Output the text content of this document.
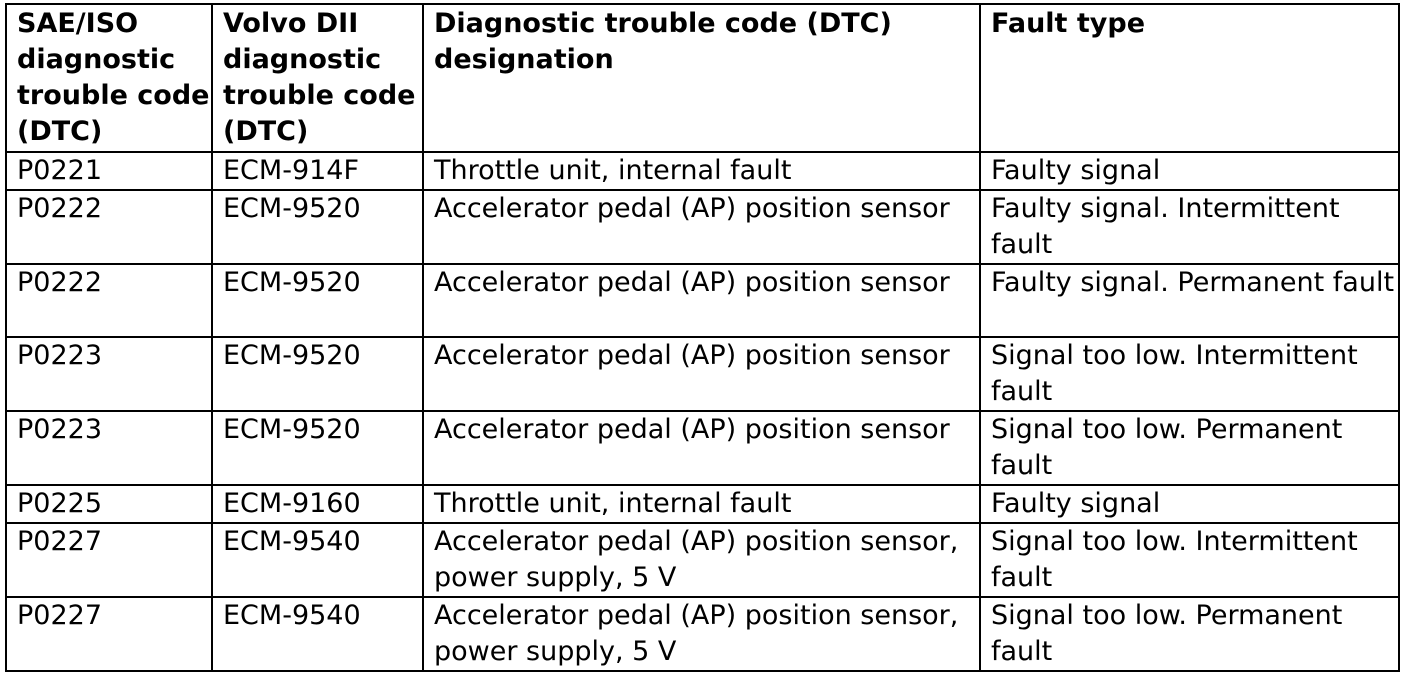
SAE/ISO diagnostic trouble code (DTC)	Volvo DII diagnostic trouble code (DTC)	Diagnostic trouble code (DTC) designation	Fault type
P0221	ECM-914F	Throttle unit, internal fault	Faulty signal
P0222	ECM-9520	Accelerator pedal (AP) position sensor	Faulty signal. Intermittent fault
P0222	ECM-9520	Accelerator pedal (AP) position sensor	Faulty signal. Permanent fault
P0223	ECM-9520	Accelerator pedal (AP) position sensor	Signal too low. Intermittent fault
P0223	ECM-9520	Accelerator pedal (AP) position sensor	Signal too low. Permanent fault
P0225	ECM-9160	Throttle unit, internal fault	Faulty signal
P0227	ECM-9540	Accelerator pedal (AP) position sensor, power supply, 5 V	Signal too low. Intermittent fault
P0227	ECM-9540	Accelerator pedal (AP) position sensor, power supply, 5 V	Signal too low. Permanent fault
